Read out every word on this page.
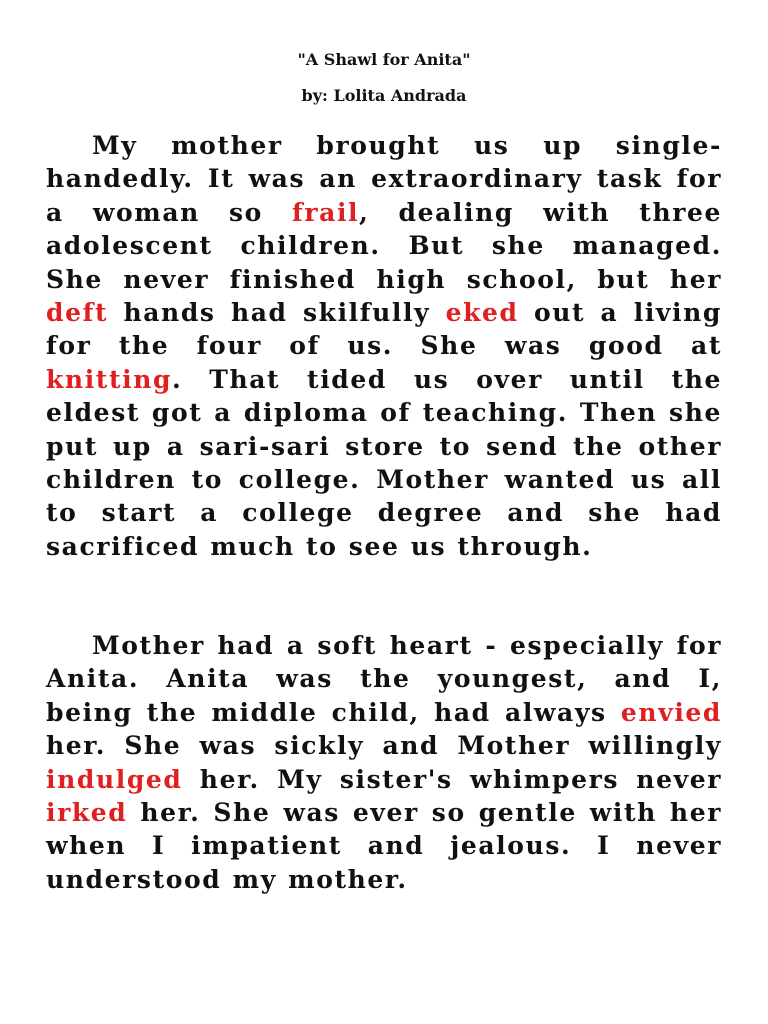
"A Shawl for Anita"

by: Lolita Andrada

My mother brought us up single-handedly. It was an extraordinary task for a woman so frail, dealing with three adolescent children. But she managed. She never finished high school, but her deft hands had skilfully eked out a living for the four of us. She was good at knitting. That tided us over until the eldest got a diploma of teaching. Then she put up a sari-sari store to send the other children to college. Mother wanted us all to start a college degree and she had sacrificed much to see us through.

Mother had a soft heart - especially for Anita. Anita was the youngest, and I, being the middle child, had always envied her. She was sickly and Mother willingly indulged her. My sister's whimpers never irked her. She was ever so gentle with her when I impatient and jealous. I never understood my mother.
